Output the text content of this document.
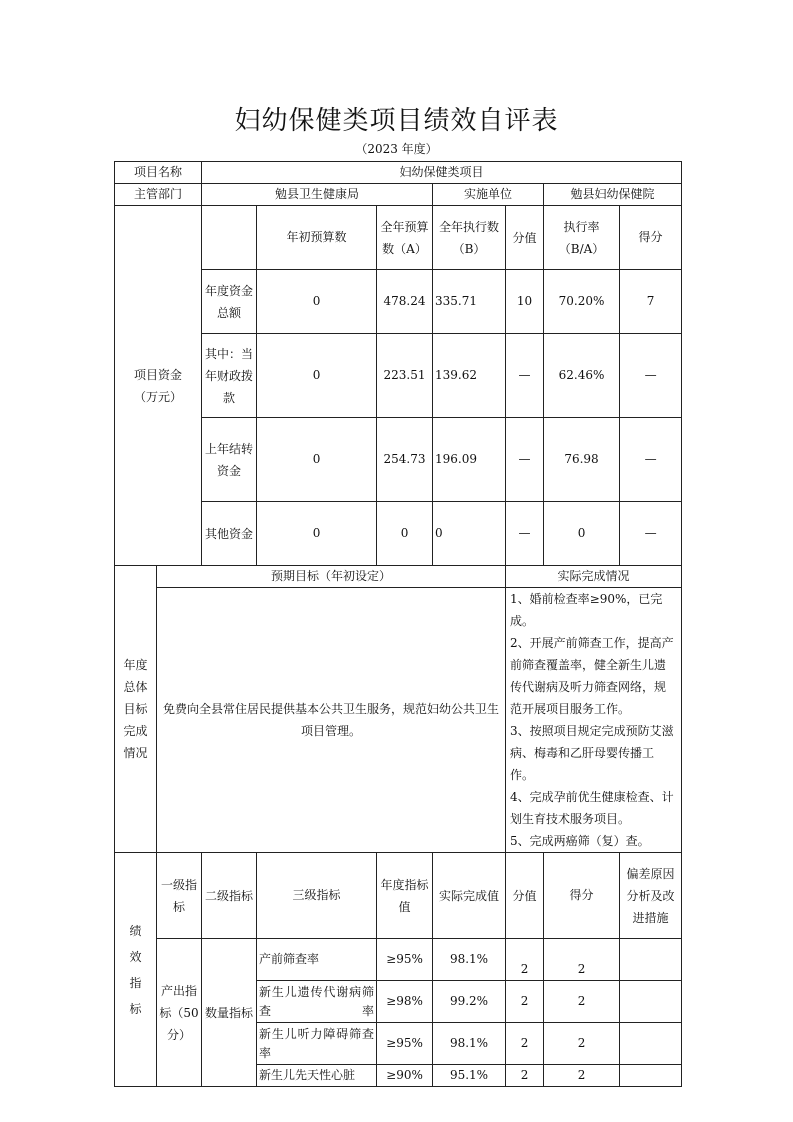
妇幼保健类项目绩效自评表
（2023 年度）
项目名称		妇幼保健类项目						
主管部门		勉县卫生健康局			实施单位		勉县妇幼保健院	
项目资金（万元）			年初预算数	全年预算数（A）	全年执行数（B）	分值	执行率（B/A）	得分
		年度资金总额	0	478.24	335.71	10	70.20%	7
		其中：当年财政拨款	0	223.51	139.62	—	62.46%	—
		上年结转资金	0	254.73	196.09	—	76.98	—
		其他资金	0	0	0	—	0	—
年度总体目标完成情况	预期目标（年初设定）					实际完成情况		
	免费向全县常住居民提供基本公共卫生服务，规范妇幼公共卫生项目管理。					1、婚前检查率≥90%，已完成。
2、开展产前筛查工作，提高产前筛查覆盖率，健全新生儿遗传代谢病及听力筛查网络，规范开展项目服务工作。
3、按照项目规定完成预防艾滋病、梅毒和乙肝母婴传播工作。
4、完成孕前优生健康检查、计划生育技术服务项目。
5、完成两癌筛（复）查。		

绩效指标	一级指标	二级指标	三级指标	年度指标值	实际完成值	分值	得分	偏差原因分析及改进措施
	产出指标（50分）	数量指标	产前筛查率	≥95%	98.1%	2	2	
			新生儿遗传代谢病筛查率	≥98%	99.2%	2	2	
			新生儿听力障碍筛查率	≥95%	98.1%	2	2	
			新生儿先天性心脏	≥90%	95.1%	2	2	
